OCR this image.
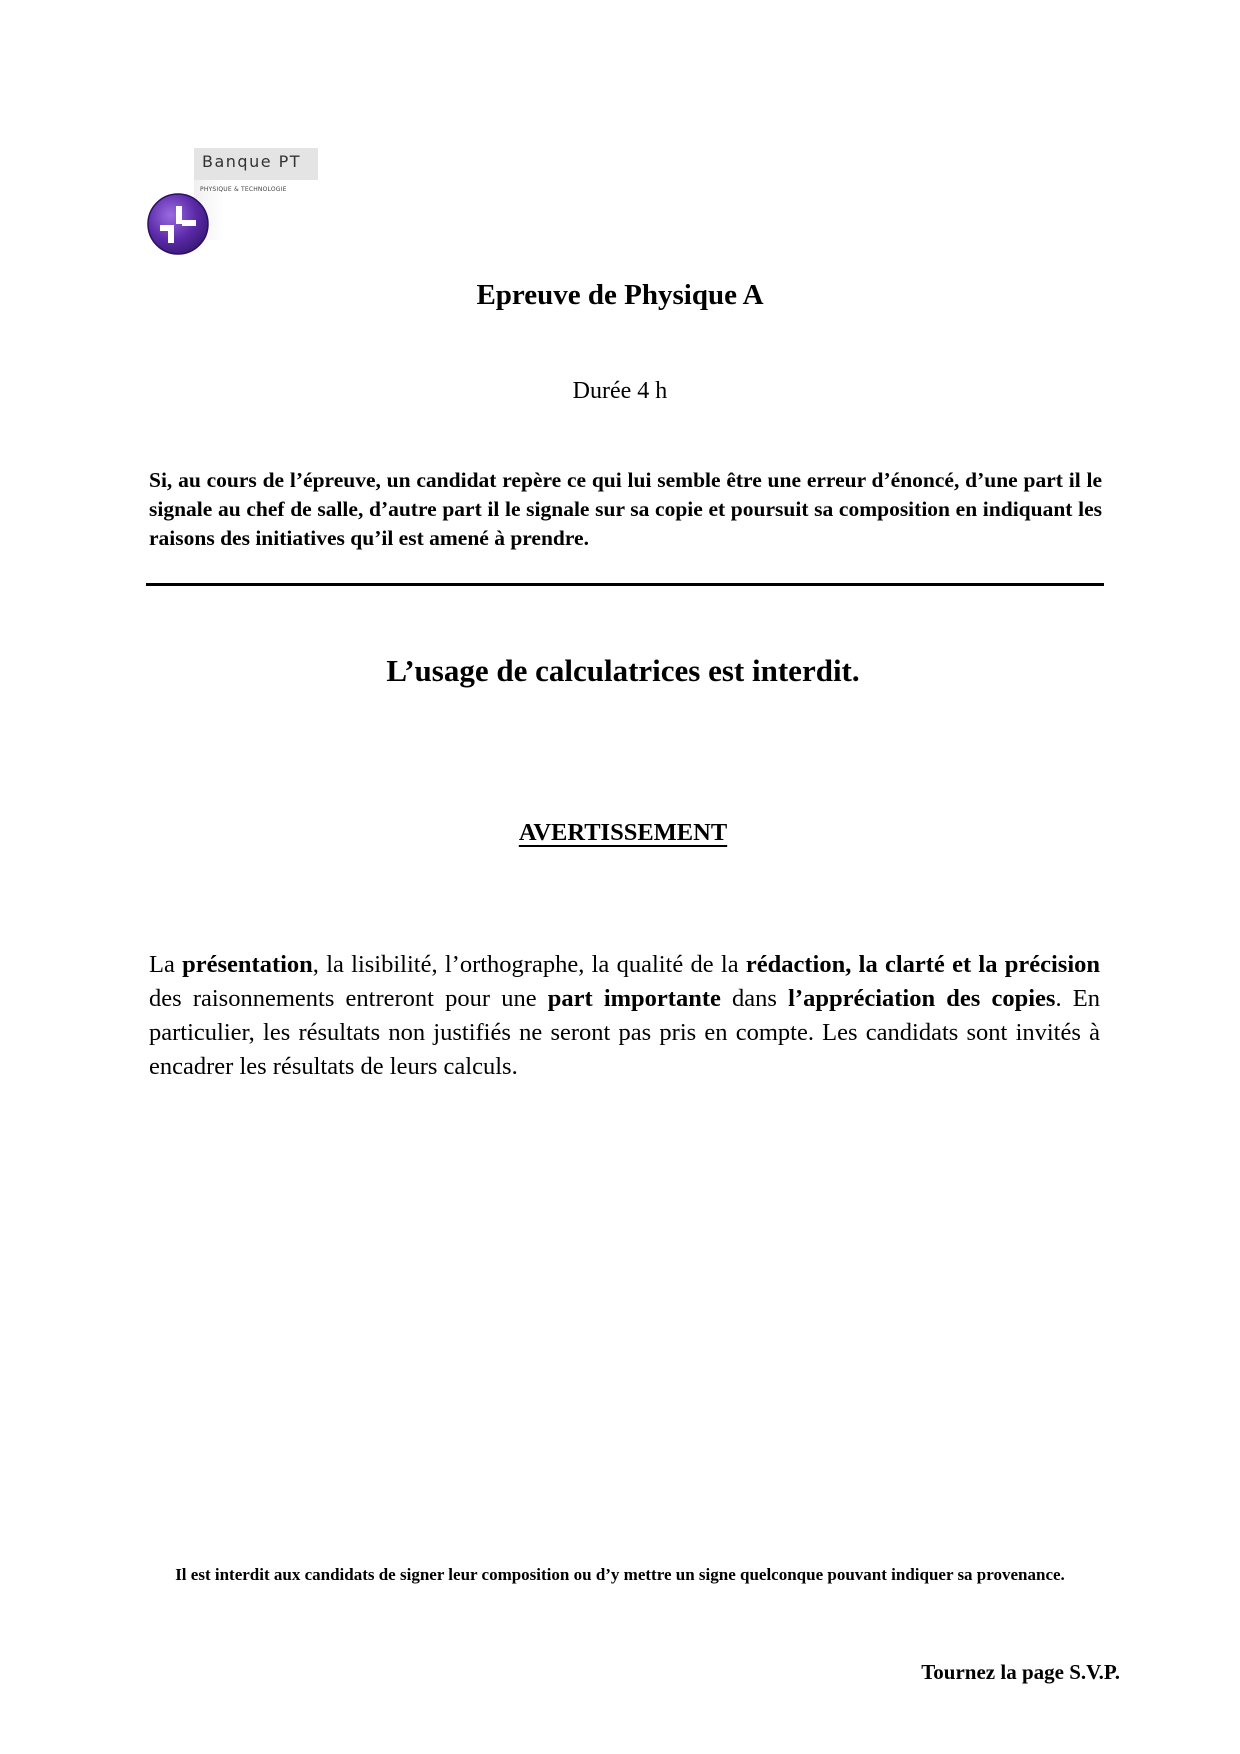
Banque PT
PHYSIQUE & TECHNOLOGIE
Epreuve de Physique A
Durée 4 h
Si, au cours de l’épreuve, un candidat repère ce qui lui semble être une erreur d’énoncé, d’une part il le signale au chef de salle, d’autre part il le signale sur sa copie et poursuit sa composition en indiquant les raisons des initiatives qu’il est amené à prendre.
L’usage de calculatrices est interdit.
AVERTISSEMENT
La présentation, la lisibilité, l’orthographe, la qualité de la rédaction, la clarté et la précision des raisonnements entreront pour une part importante dans l’appréciation des copies. En particulier, les résultats non justifiés ne seront pas pris en compte. Les candidats sont invités à encadrer les résultats de leurs calculs.
Il est interdit aux candidats de signer leur composition ou d’y mettre un signe quelconque pouvant indiquer sa provenance.
Tournez la page S.V.P.
